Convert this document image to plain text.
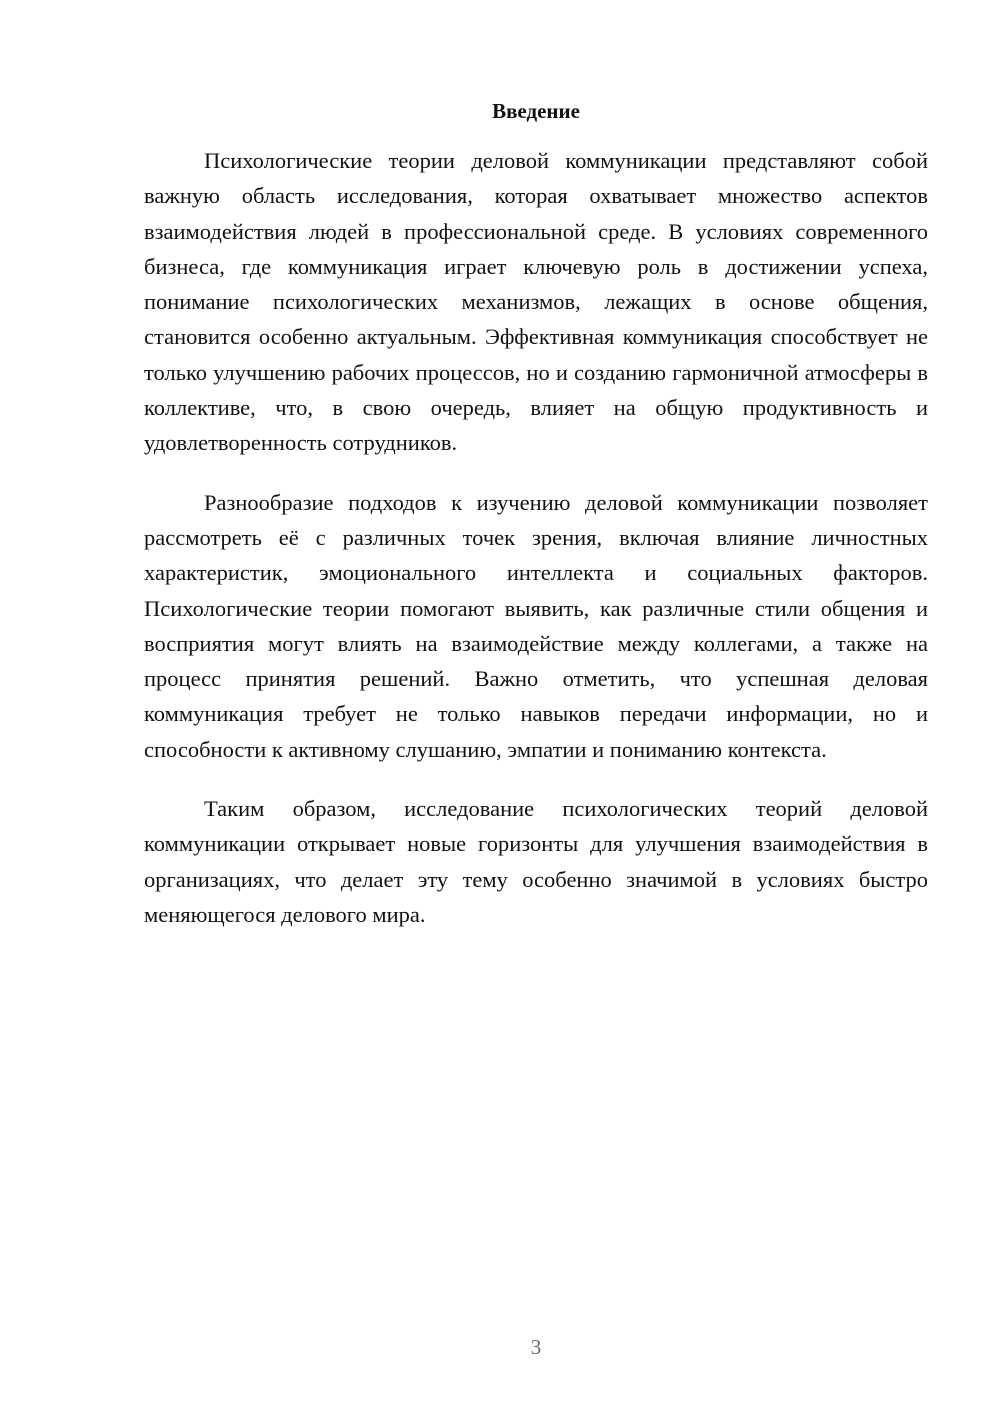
Введение

Психологические теории деловой коммуникации представляют собой важную область исследования, которая охватывает множество аспектов взаимодействия людей в профессиональной среде. В условиях современного бизнеса, где коммуникация играет ключевую роль в достижении успеха, понимание психологических механизмов, лежащих в основе общения, становится особенно актуальным. Эффективная коммуникация способствует не только улучшению рабочих процессов, но и созданию гармоничной атмосферы в коллективе, что, в свою очередь, влияет на общую продуктивность и удовлетворенность сотрудников.

Разнообразие подходов к изучению деловой коммуникации позволяет рассмотреть её с различных точек зрения, включая влияние личностных характеристик, эмоционального интеллекта и социальных факторов. Психологические теории помогают выявить, как различные стили общения и восприятия могут влиять на взаимодействие между коллегами, а также на процесс принятия решений. Важно отметить, что успешная деловая коммуникация требует не только навыков передачи информации, но и способности к активному слушанию, эмпатии и пониманию контекста.

Таким образом, исследование психологических теорий деловой коммуникации открывает новые горизонты для улучшения взаимодействия в организациях, что делает эту тему особенно значимой в условиях быстро меняющегося делового мира.

3
